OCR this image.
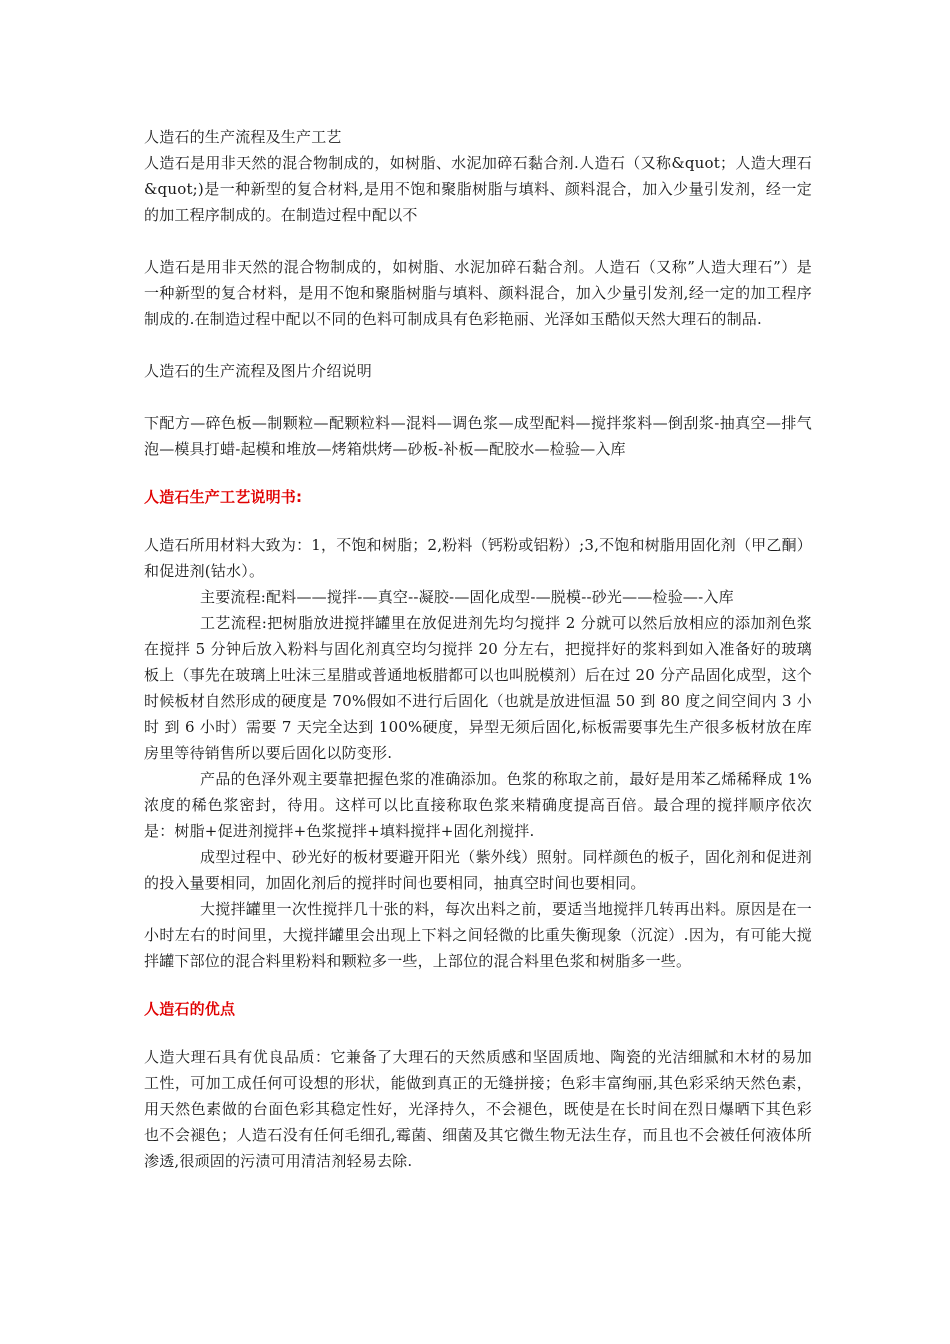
人造石的生产流程及生产工艺

人造石是用非天然的混合物制成的，如树脂、水泥加碎石黏合剂.人造石（又称&quot；人造大理石&quot;)是一种新型的复合材料,是用不饱和聚脂树脂与填料、颜料混合，加入少量引发剂，经一定的加工程序制成的。在制造过程中配以不

人造石是用非天然的混合物制成的，如树脂、水泥加碎石黏合剂。人造石（又称”人造大理石”）是一种新型的复合材料，是用不饱和聚脂树脂与填料、颜料混合，加入少量引发剂,经一定的加工程序制成的.在制造过程中配以不同的色料可制成具有色彩艳丽、光泽如玉酷似天然大理石的制品.

人造石的生产流程及图片介绍说明

下配方—碎色板—制颗粒—配颗粒料—混料—调色浆—成型配料—搅拌浆料—倒刮浆-抽真空—排气泡—模具打蜡-起模和堆放—烤箱烘烤—砂板-补板—配胶水—检验—入库

人造石生产工艺说明书:

人造石所用材料大致为：1，不饱和树脂；2,粉料（钙粉或铝粉）;3,不饱和树脂用固化剂（甲乙酮）和促进剂(钴水）。

主要流程:配料——搅拌-—真空--凝胶-—固化成型-—脱模--砂光——检验—-入库

工艺流程:把树脂放进搅拌罐里在放促进剂先均匀搅拌 2 分就可以然后放相应的添加剂色浆在搅拌 5 分钟后放入粉料与固化剂真空均匀搅拌 20 分左右，把搅拌好的浆料到如入准备好的玻璃板上（事先在玻璃上吐沫三星腊或普通地板腊都可以也叫脱模剂）后在过 20 分产品固化成型，这个时候板材自然形成的硬度是 70%假如不进行后固化（也就是放进恒温 50 到 80 度之间空间内 3 小时 到 6 小时）需要 7 天完全达到 100%硬度，异型无须后固化,标板需要事先生产很多板材放在库房里等待销售所以要后固化以防变形.

产品的色泽外观主要靠把握色浆的准确添加。色浆的称取之前，最好是用苯乙烯稀释成 1%浓度的稀色浆密封，待用。这样可以比直接称取色浆来精确度提高百倍。最合理的搅拌顺序依次是：树脂+促进剂搅拌+色浆搅拌+填料搅拌+固化剂搅拌.

成型过程中、砂光好的板材要避开阳光（紫外线）照射。同样颜色的板子，固化剂和促进剂的投入量要相同，加固化剂后的搅拌时间也要相同，抽真空时间也要相同。

大搅拌罐里一次性搅拌几十张的料，每次出料之前，要适当地搅拌几转再出料。原因是在一小时左右的时间里，大搅拌罐里会出现上下料之间轻微的比重失衡现象（沉淀）.因为，有可能大搅拌罐下部位的混合料里粉料和颗粒多一些，上部位的混合料里色浆和树脂多一些。

人造石的优点

人造大理石具有优良品质：它兼备了大理石的天然质感和坚固质地、陶瓷的光洁细腻和木材的易加工性，可加工成任何可设想的形状，能做到真正的无缝拼接；色彩丰富绚丽,其色彩采纳天然色素，用天然色素做的台面色彩其稳定性好，光泽持久，不会褪色，既使是在长时间在烈日爆晒下其色彩也不会褪色；人造石没有任何毛细孔,霉菌、细菌及其它微生物无法生存，而且也不会被任何液体所渗透,很顽固的污渍可用清洁剂轻易去除.
